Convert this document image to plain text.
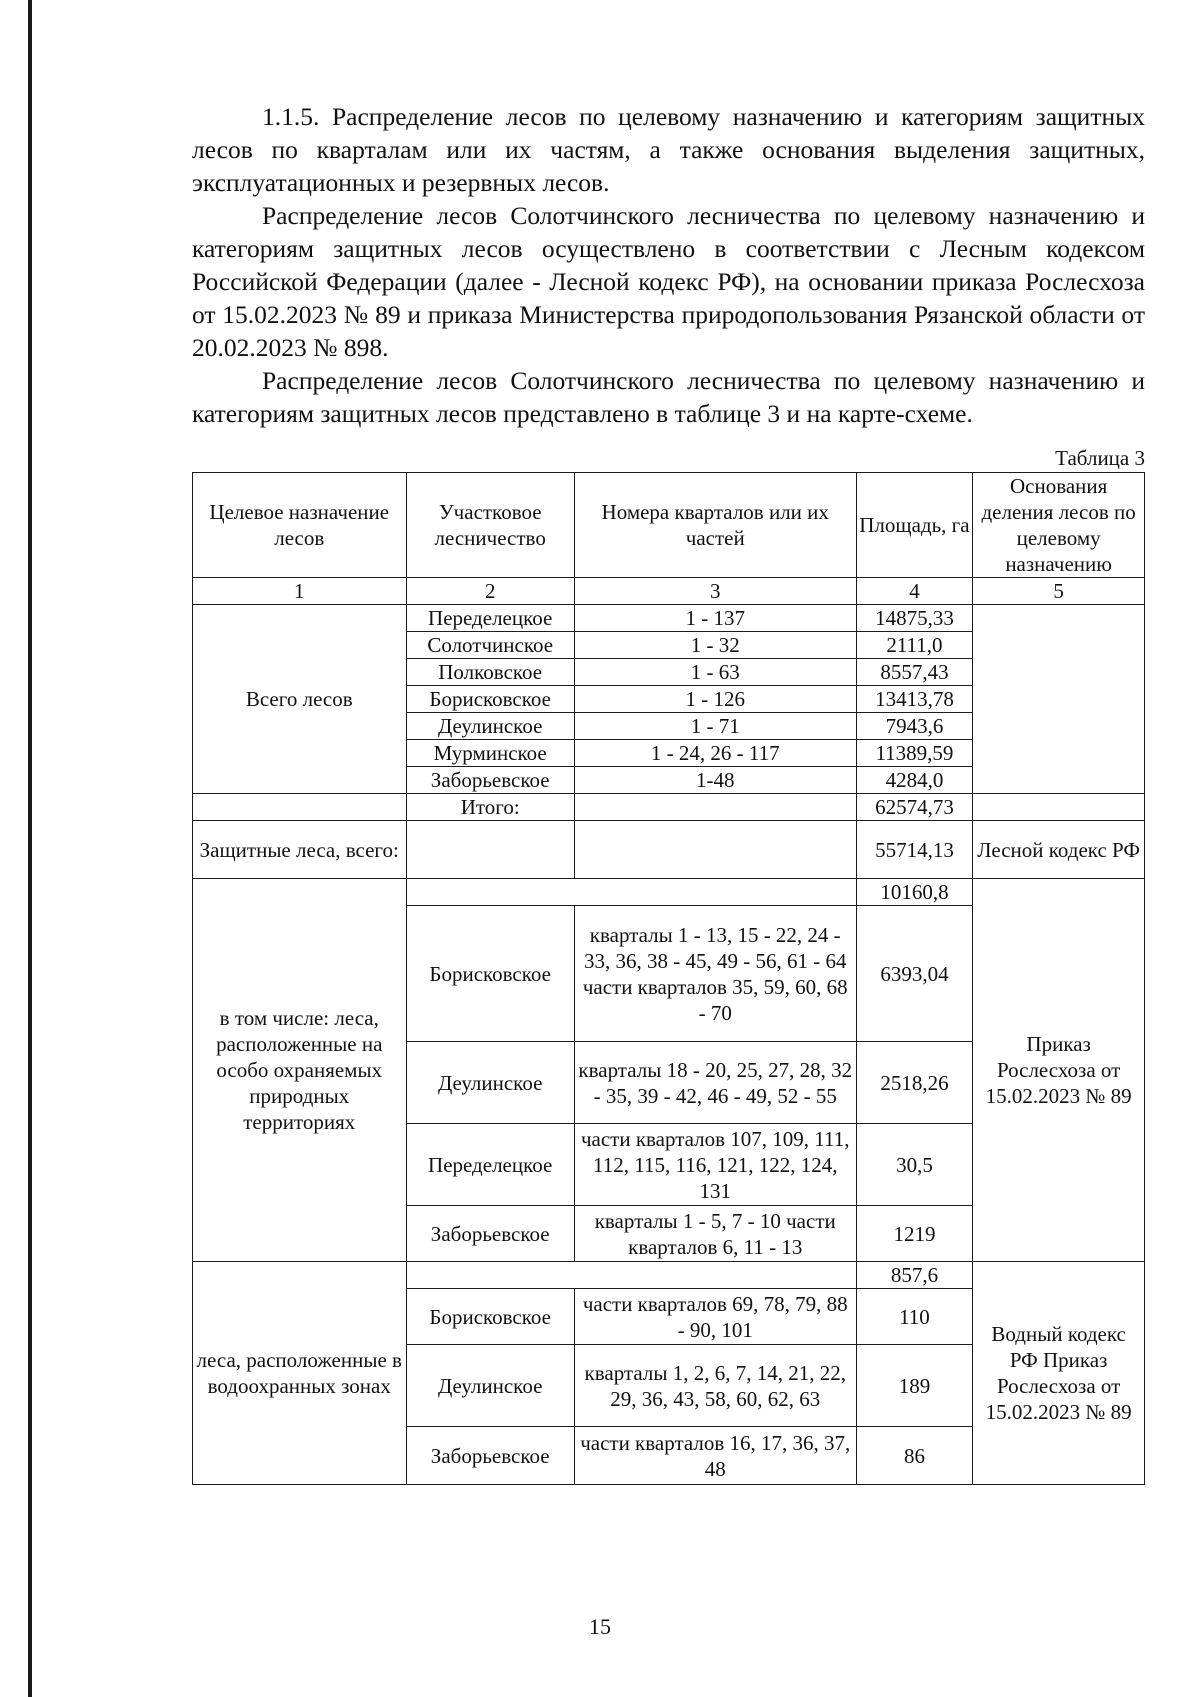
1.1.5. Распределение лесов по целевому назначению и категориям защитных лесов по кварталам или их частям, а также основания выделения защитных, эксплуатационных и резервных лесов.

Распределение лесов Солотчинского лесничества по целевому назначению и категориям защитных лесов осуществлено в соответствии с Лесным кодексом Российской Федерации (далее - Лесной кодекс РФ), на основании приказа Рослесхоза от 15.02.2023 № 89 и приказа Министерства природопользования Рязанской области от 20.02.2023 № 898.

Распределение лесов Солотчинского лесничества по целевому назначению и категориям защитных лесов представлено в таблице 3 и на карте-схеме.

Таблица 3
Целевое назначение лесов	Участковое лесничество	Номера кварталов или их частей	Площадь, га	Основания деления лесов по целевому назначению
1	2	3	4	5
Всего лесов	Переделецкое	1 - 137	14875,33	
	Солотчинское	1 - 32	2111,0	
	Полковское	1 - 63	8557,43	
	Борисковское	1 - 126	13413,78	
	Деулинское	1 - 71	7943,6	
	Мурминское	1 - 24, 26 - 117	11389,59	
	Заборьевское	1-48	4284,0	
	Итого:		62574,73	
Защитные леса, всего:			55714,13	Лесной кодекс РФ
в том числе: леса, расположенные на особо охраняемых природных территориях			10160,8	Приказ Рослесхоза от 15.02.2023 № 89
	Борисковское	кварталы 1 - 13, 15 - 22, 24 - 33, 36, 38 - 45, 49 - 56, 61 - 64 части кварталов 35, 59, 60, 68 - 70	6393,04	
	Деулинское	кварталы 18 - 20, 25, 27, 28, 32 - 35, 39 - 42, 46 - 49, 52 - 55	2518,26	
	Переделецкое	части кварталов 107, 109, 111, 112, 115, 116, 121, 122, 124, 131	30,5	
	Заборьевское	кварталы 1 - 5, 7 - 10 части кварталов 6, 11 - 13	1219	
леса, расположенные в водоохранных зонах			857,6	Водный кодекс РФ Приказ Рослесхоза от 15.02.2023 № 89
	Борисковское	части кварталов 69, 78, 79, 88 - 90, 101	110	
	Деулинское	кварталы 1, 2, 6, 7, 14, 21, 22, 29, 36, 43, 58, 60, 62, 63	189	
	Заборьевское	части кварталов 16, 17, 36, 37, 48	86	
15
